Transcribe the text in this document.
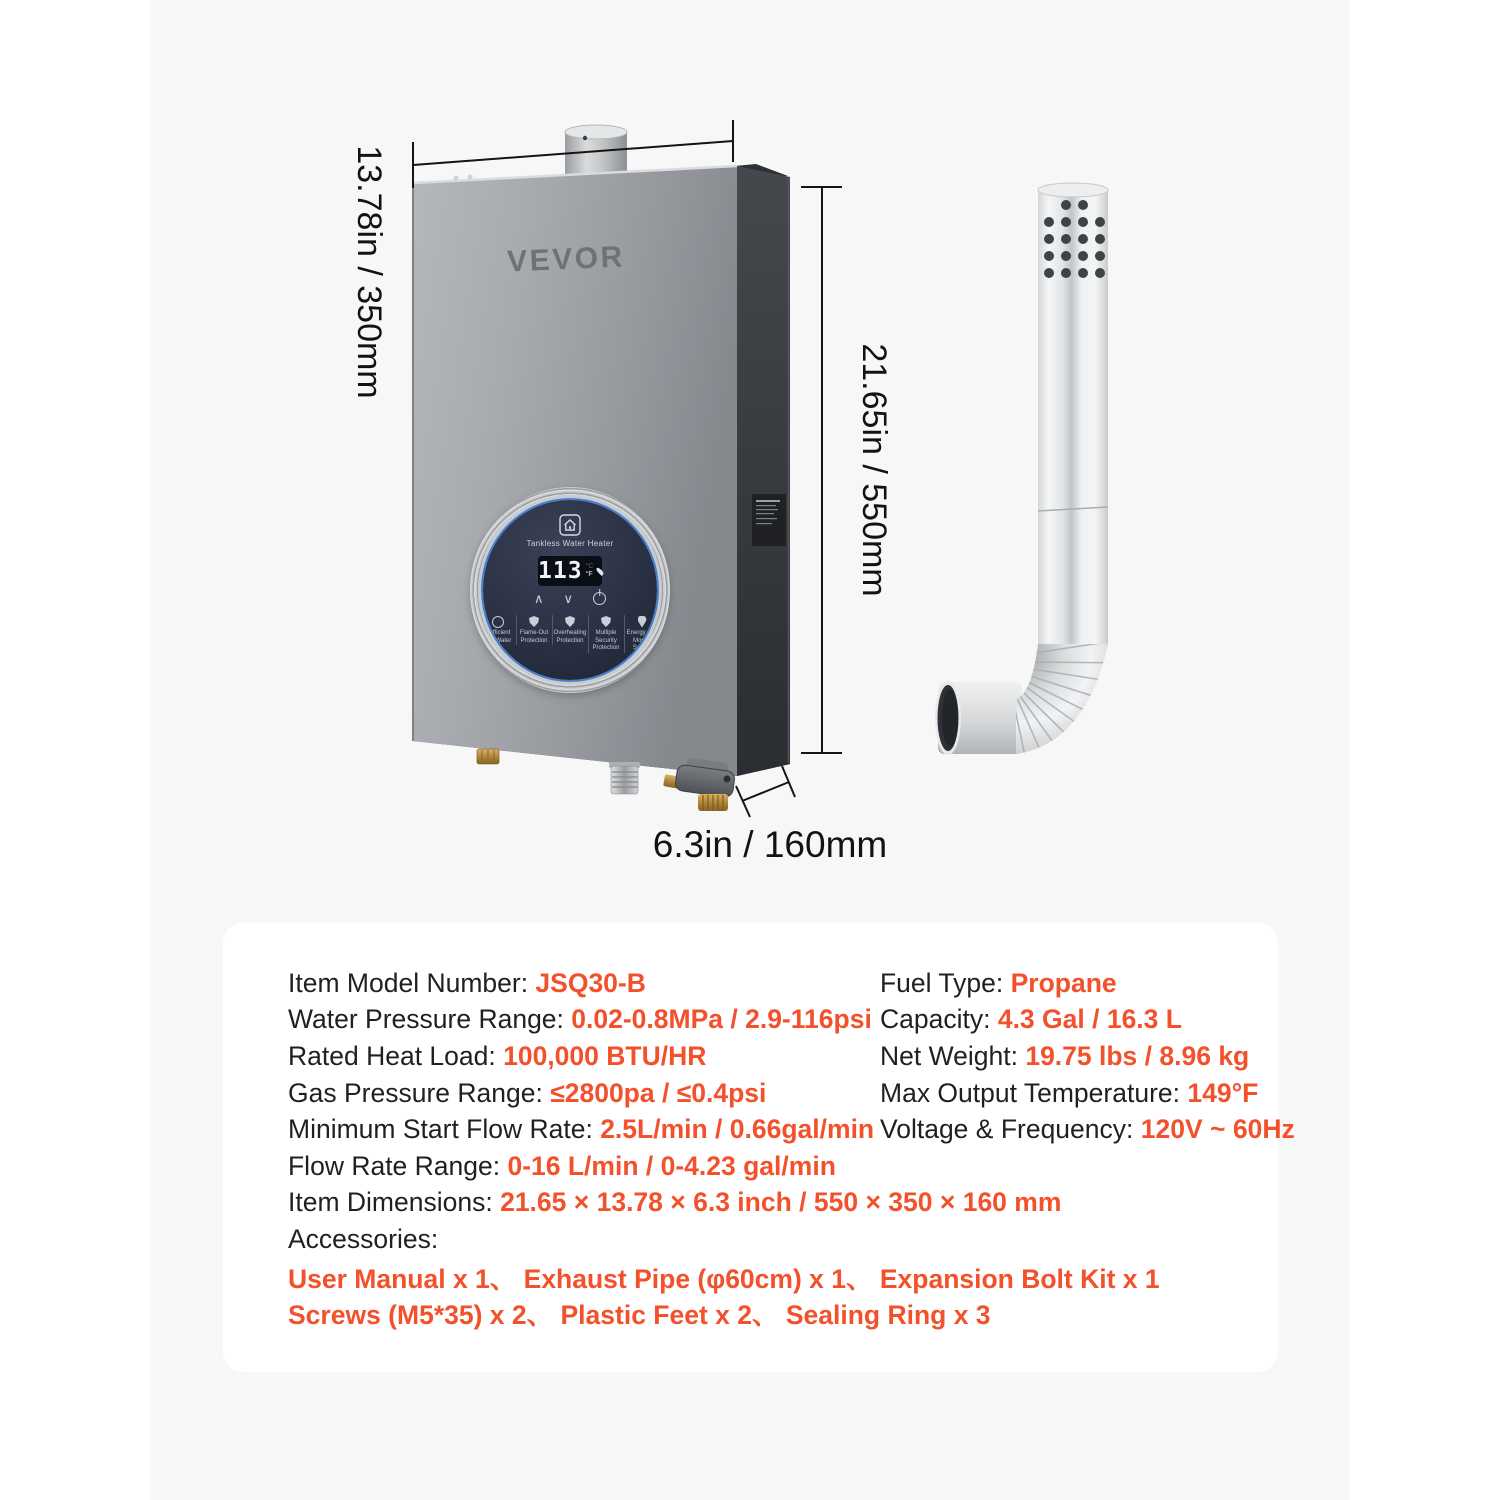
VEVOR
Tankless Water Heater
113 °C
°F
∧ ∨
Sufficient Hot Water
Flame-Out Protection
Overheating Protection
Multiple Security Protection
Energy and Money Saving
13.78in / 350mm
21.65in / 550mm
6.3in / 160mm
Item Model Number: JSQ30-B
Water Pressure Range: 0.02-0.8MPa / 2.9-116psi
Rated Heat Load: 100,000 BTU/HR
Gas Pressure Range: ≤2800pa / ≤0.4psi
Minimum Start Flow Rate: 2.5L/min / 0.66gal/min
Flow Rate Range: 0-16 L/min / 0-4.23 gal/min
Item Dimensions: 21.65 × 13.78 × 6.3 inch / 550 × 350 × 160 mm
Accessories:
User Manual x 1、 Exhaust Pipe (φ60cm) x 1、 Expansion Bolt Kit x 1
Screws (M5*35) x 2、 Plastic Feet x 2、 Sealing Ring x 3
Fuel Type: Propane
Capacity: 4.3 Gal / 16.3 L
Net Weight: 19.75 lbs / 8.96 kg
Max Output Temperature: 149°F
Voltage & Frequency: 120V ~ 60Hz
